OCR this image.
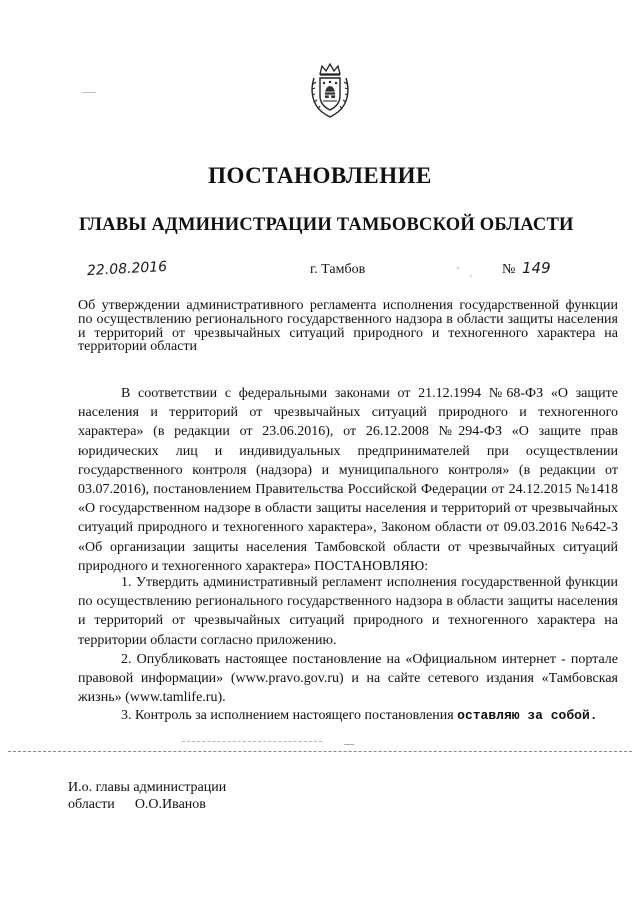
ПОСТАНОВЛЕНИЕ
ГЛАВЫ АДМИНИСТРАЦИИ ТАМБОВСКОЙ ОБЛАСТИ
22.08.2016	г. Тамбов	№ 149

Об утверждении административного регламента исполнения государственной функции по осуществлению регионального государственного надзора в области защиты населения и территорий от чрезвычайных ситуаций природного и техногенного характера на территории области

В соответствии с федеральными законами от 21.12.1994 №68-ФЗ «О защите населения и территорий от чрезвычайных ситуаций природного и техногенного характера» (в редакции от 23.06.2016), от 26.12.2008 №294-ФЗ «О защите прав юридических лиц и индивидуальных предпринимателей при осуществлении государственного контроля (надзора) и муниципального контроля» (в редакции от 03.07.2016), постановлением Правительства Российской Федерации от 24.12.2015 №1418 «О государственном надзоре в области защиты населения и территорий от чрезвычайных ситуаций природного и техногенного характера», Законом области от 09.03.2016 №642-З «Об организации защиты населения Тамбовской области от чрезвычайных ситуаций природного и техногенного характера» ПОСТАНОВЛЯЮ:

1. Утвердить административный регламент исполнения государственной функции по осуществлению регионального государственного надзора в области защиты населения и территорий от чрезвычайных ситуаций природного и техногенного характера на территории области согласно приложению.

2. Опубликовать настоящее постановление на «Официальном интернет - портале правовой информации» (www.pravo.gov.ru) и на сайте сетевого издания «Тамбовская жизнь» (www.tamlife.ru).

3. Контроль за исполнением настоящего постановления оставляю за собой.

И.о. главы администрации
области О.О.Иванов
